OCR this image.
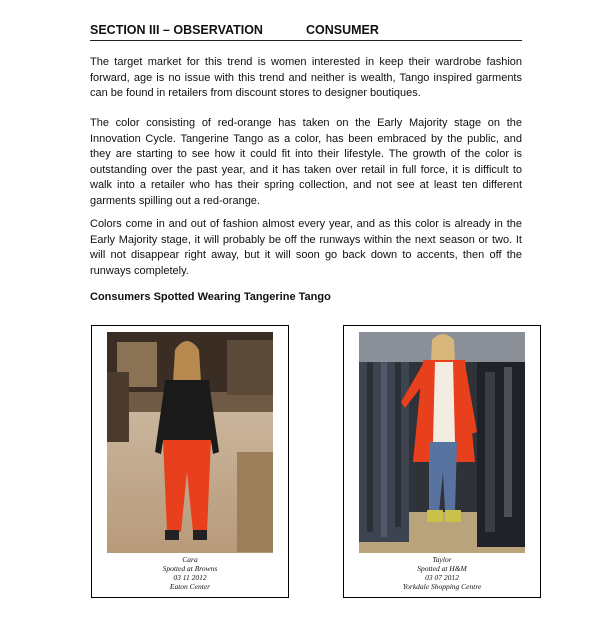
SECTION III – OBSERVATION	CONSUMER

The target market for this trend is women interested in keep their wardrobe fashion forward, age is no issue with this trend and neither is wealth, Tango inspired garments can be found in retailers from discount stores to designer boutiques.

The color consisting of red-orange has taken on the Early Majority stage on the Innovation Cycle. Tangerine Tango as a color, has been embraced by the public, and they are starting to see how it could fit into their lifestyle. The growth of the color is outstanding over the past year, and it has taken over retail in full force, it is difficult to walk into a retailer who has their spring collection, and not see at least ten different garments spilling out a red-orange.

Colors come in and out of fashion almost every year, and as this color is already in the Early Majority stage, it will probably be off the runways within the next season or two. It will not disappear right away, but it will soon go back down to accents, then off the runways completely.

Consumers Spotted Wearing Tangerine Tango
Cara
Spotted at Browns
03 11 2012
Eaton Center
Taylor
Spotted at H&M
03 07 2012
Yorkdale Shopping Centre
